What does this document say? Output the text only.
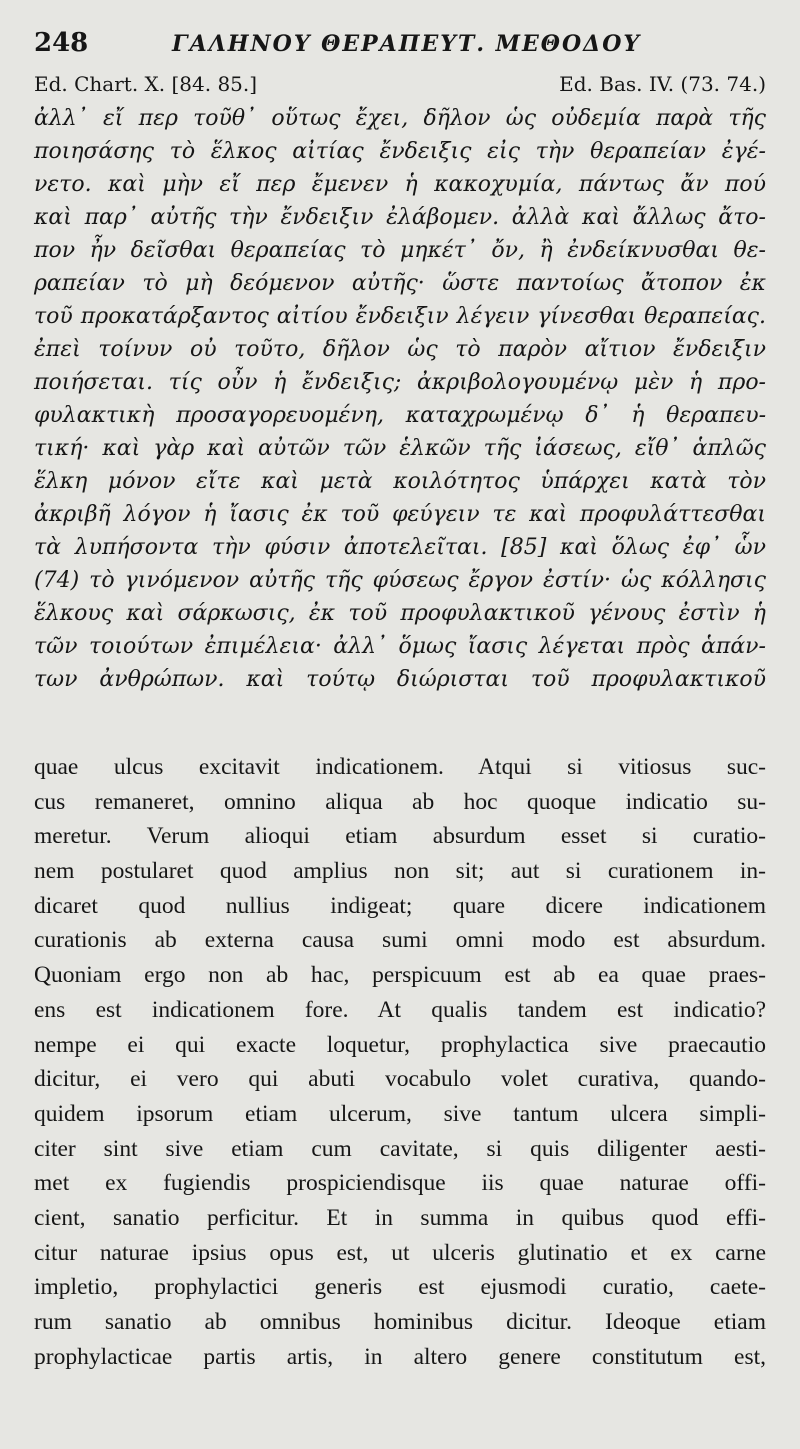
248	ΓΑΛΗΝΟΥ ΘΕΡΑΠΕΥΤ. ΜΕΘΟΔΟΥ
Ed. Chart. X. [84. 85.]	Ed. Bas. IV. (73. 74.)
ἀλλ᾽ εἴ περ τοῦθ᾽ οὕτως ἔχει, δῆλον ὡς οὐδεμία παρὰ τῆς
ποιησάσης τὸ ἕλκος αἰτίας ἔνδειξις εἰς τὴν θεραπείαν ἐγέ-
νετο. καὶ μὴν εἴ περ ἔμενεν ἡ κακοχυμία, πάντως ἄν πού
καὶ παρ᾽ αὐτῆς τὴν ἔνδειξιν ἐλάβομεν. ἀλλὰ καὶ ἄλλως ἄτο-
πον ἦν δεῖσθαι θεραπείας τὸ μηκέτ᾽ ὄν, ἢ ἐνδείκνυσθαι θε-
ραπείαν τὸ μὴ δεόμενον αὐτῆς· ὥστε παντοίως ἄτοπον ἐκ
τοῦ προκατάρξαντος αἰτίου ἔνδειξιν λέγειν γίνεσθαι θεραπείας.
ἐπεὶ τοίνυν οὐ τοῦτο, δῆλον ὡς τὸ παρὸν αἴτιον ἔνδειξιν
ποιήσεται. τίς οὖν ἡ ἔνδειξις; ἀκριβολογουμένῳ μὲν ἡ προ-
φυλακτικὴ προσαγορευομένη, καταχρωμένῳ δ᾽ ἡ θεραπευ-
τική· καὶ γὰρ καὶ αὐτῶν τῶν ἑλκῶν τῆς ἰάσεως, εἴθ᾽ ἁπλῶς
ἕλκη μόνον εἴτε καὶ μετὰ κοιλότητος ὑπάρχει κατὰ τὸν
ἀκριβῆ λόγον ἡ ἴασις ἐκ τοῦ φεύγειν τε καὶ προφυλάττεσθαι
τὰ λυπήσοντα τὴν φύσιν ἀποτελεῖται. [85] καὶ ὅλως ἐφ᾽ ὧν
(74) τὸ γινόμενον αὐτῆς τῆς φύσεως ἔργον ἐστίν· ὡς κόλλησις
ἕλκους καὶ σάρκωσις, ἐκ τοῦ προφυλακτικοῦ γένους ἐστὶν ἡ
τῶν τοιούτων ἐπιμέλεια· ἀλλ᾽ ὅμως ἴασις λέγεται πρὸς ἁπάν-
των ἀνθρώπων. καὶ τούτῳ διώρισται τοῦ προφυλακτικοῦ
quae ulcus excitavit indicationem. Atqui si vitiosus suc-
cus remaneret, omnino aliqua ab hoc quoque indicatio su-
meretur. Verum alioqui etiam absurdum esset si curatio-
nem postularet quod amplius non sit; aut si curationem in-
dicaret quod nullius indigeat; quare dicere indicationem
curationis ab externa causa sumi omni modo est absurdum.
Quoniam ergo non ab hac, perspicuum est ab ea quae praes-
ens est indicationem fore. At qualis tandem est indicatio?
nempe ei qui exacte loquetur, prophylactica sive praecautio
dicitur, ei vero qui abuti vocabulo volet curativa, quando-
quidem ipsorum etiam ulcerum, sive tantum ulcera simpli-
citer sint sive etiam cum cavitate, si quis diligenter aesti-
met ex fugiendis prospiciendisque iis quae naturae offi-
cient, sanatio perficitur. Et in summa in quibus quod effi-
citur naturae ipsius opus est, ut ulceris glutinatio et ex carne
impletio, prophylactici generis est ejusmodi curatio, caete-
rum sanatio ab omnibus hominibus dicitur. Ideoque etiam
prophylacticae partis artis, in altero genere constitutum est,
